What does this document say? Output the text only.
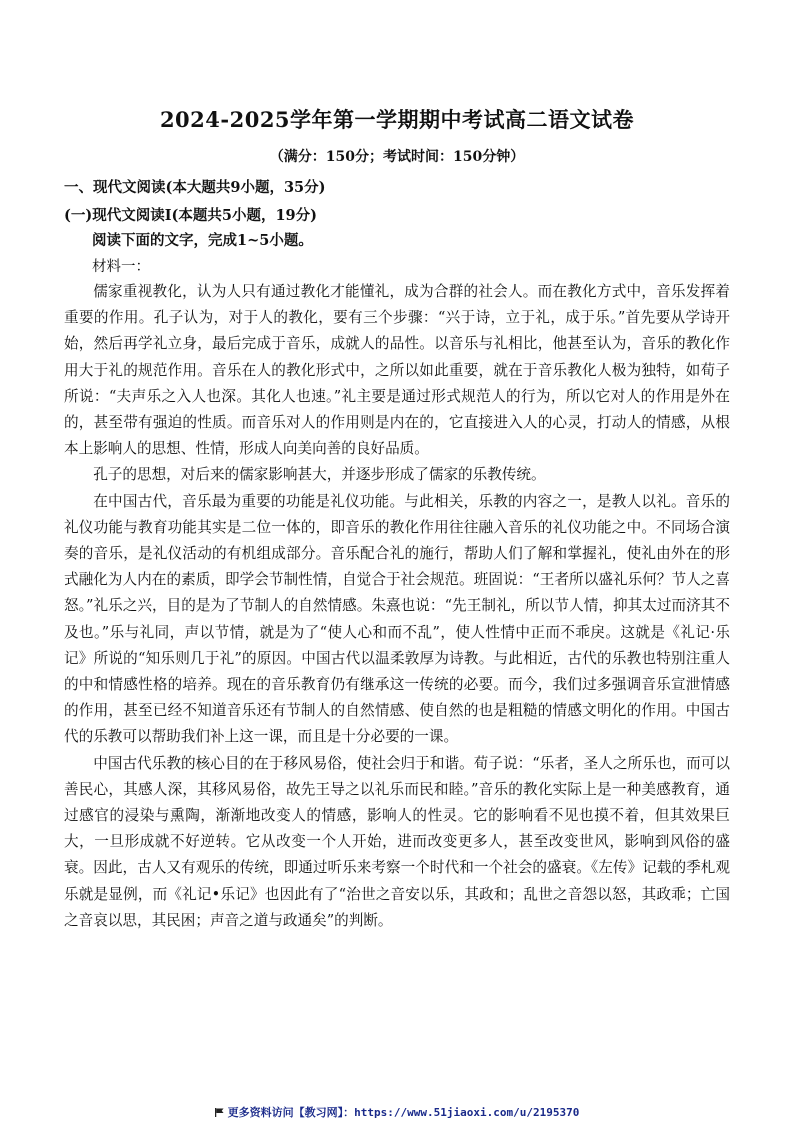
2024-2025学年第一学期期中考试高二语文试卷
（满分：150分；考试时间：150分钟）
一、现代文阅读(本大题共9小题，35分)
(一)现代文阅读Ⅰ(本题共5小题，19分)
阅读下面的文字，完成1~5小题。
材料一：

儒家重视教化，认为人只有通过教化才能懂礼，成为合群的社会人。而在教化方式中，音乐发挥着重要的作用。孔子认为，对于人的教化，要有三个步骤：“兴于诗，立于礼，成于乐。”首先要从学诗开始，然后再学礼立身，最后完成于音乐，成就人的品性。以音乐与礼相比，他甚至认为，音乐的教化作用大于礼的规范作用。音乐在人的教化形式中，之所以如此重要，就在于音乐教化人极为独特，如荀子所说：“夫声乐之入人也深。其化人也速。”礼主要是通过形式规范人的行为，所以它对人的作用是外在的，甚至带有强迫的性质。而音乐对人的作用则是内在的，它直接进入人的心灵，打动人的情感，从根本上影响人的思想、性情，形成人向美向善的良好品质。

孔子的思想，对后来的儒家影响甚大，并逐步形成了儒家的乐教传统。

在中国古代，音乐最为重要的功能是礼仪功能。与此相关，乐教的内容之一，是教人以礼。音乐的礼仪功能与教育功能其实是二位一体的，即音乐的教化作用往往融入音乐的礼仪功能之中。不同场合演奏的音乐，是礼仪活动的有机组成部分。音乐配合礼的施行，帮助人们了解和掌握礼，使礼由外在的形式融化为人内在的素质，即学会节制性情，自觉合于社会规范。班固说：“王者所以盛礼乐何？节人之喜怒。”礼乐之兴，目的是为了节制人的自然情感。朱熹也说：“先王制礼，所以节人情，抑其太过而济其不及也。”乐与礼同，声以节情，就是为了“使人心和而不乱”，使人性情中正而不乖戾。这就是《礼记·乐记》所说的“知乐则几于礼”的原因。中国古代以温柔敦厚为诗教。与此相近，古代的乐教也特别注重人的中和情感性格的培养。现在的音乐教育仍有继承这一传统的必要。而今，我们过多强调音乐宣泄情感的作用，甚至已经不知道音乐还有节制人的自然情感、使自然的也是粗糙的情感文明化的作用。中国古代的乐教可以帮助我们补上这一课，而且是十分必要的一课。

中国古代乐教的核心目的在于移风易俗，使社会归于和谐。荀子说：“乐者，圣人之所乐也，而可以善民心，其感人深，其移风易俗，故先王导之以礼乐而民和睦。”音乐的教化实际上是一种美感教育，通过感官的浸染与熏陶，渐渐地改变人的情感，影响人的性灵。它的影响看不见也摸不着，但其效果巨大，一旦形成就不好逆转。它从改变一个人开始，进而改变更多人，甚至改变世风，影响到风俗的盛衰。因此，古人又有观乐的传统，即通过听乐来考察一个时代和一个社会的盛衰。《左传》记载的季札观乐就是显例，而《礼记•乐记》也因此有了“治世之音安以乐，其政和；乱世之音怨以怒，其政乖；亡国之音哀以思，其民困；声音之道与政通矣”的判断。

更多资料访问【教习网】：https://www.51jiaoxi.com/u/2195370
